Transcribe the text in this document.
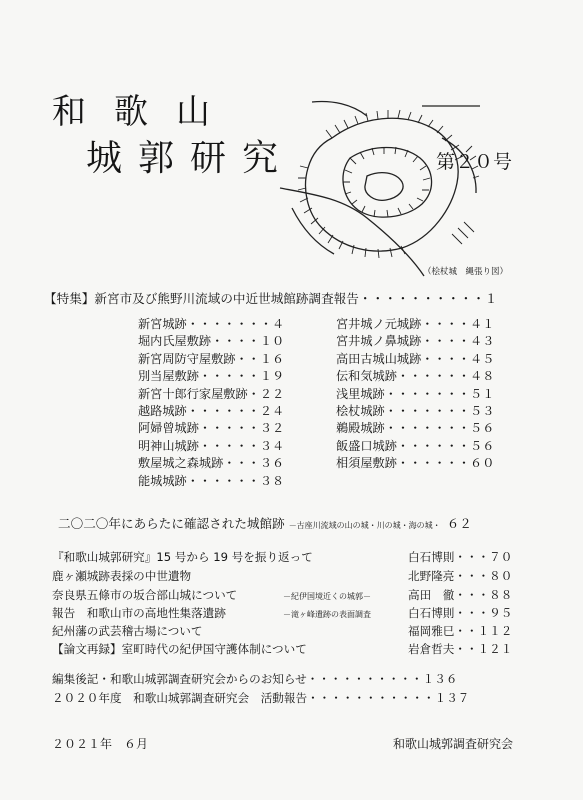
和歌山
城郭研究	第２０号
（桧杖城　縄張り図）
【特集】新宮市及び熊野川流域の中近世城館跡調査報告・・・・・・・・・・１
新宮城跡・・・・・・・４
堀内氏屋敷跡・・・・１０
新宮周防守屋敷跡・・１６
別当屋敷跡・・・・・１９
新宮十郎行家屋敷跡・２２
越路城跡・・・・・・２４
阿婦曾城跡・・・・・３２
明神山城跡・・・・・３４
敷屋城之森城跡・・・３６
能城城跡・・・・・・３８
宮井城ノ元城跡・・・・４１
宮井城ノ鼻城跡・・・・４３
高田古城山城跡・・・・４５
伝和気城跡・・・・・・４８
浅里城跡・・・・・・・５１
桧杖城跡・・・・・・・５３
鵜殿城跡・・・・・・・５６
飯盛口城跡・・・・・・５６
相須屋敷跡・・・・・・６０
二〇二〇年にあらたに確認された城館跡 －古座川流域の山の城・川の城・海の城・ ６２
『和歌山城郭研究』15 号から 19 号を振り返って	白石博則・・・７０
鹿ヶ瀬城跡表採の中世遺物	北野隆亮・・・８０
奈良県五條市の坂合部山城について	－紀伊国境近くの城郭－	高田　徹・・・８８
報告　和歌山市の高地性集落遺跡	－滝ヶ峰遺跡の表面調査	白石博則・・・９５
紀州藩の武芸稽古場について	福岡雅巳・・１１２
【論文再録】室町時代の紀伊国守護体制について	岩倉哲夫・・１２１
編集後記・和歌山城郭調査研究会からのお知らせ・・・・・・・・・・１３６
２０２０年度　和歌山城郭調査研究会　活動報告・・・・・・・・・・・１３７
２０２１年　６月	和歌山城郭調査研究会
